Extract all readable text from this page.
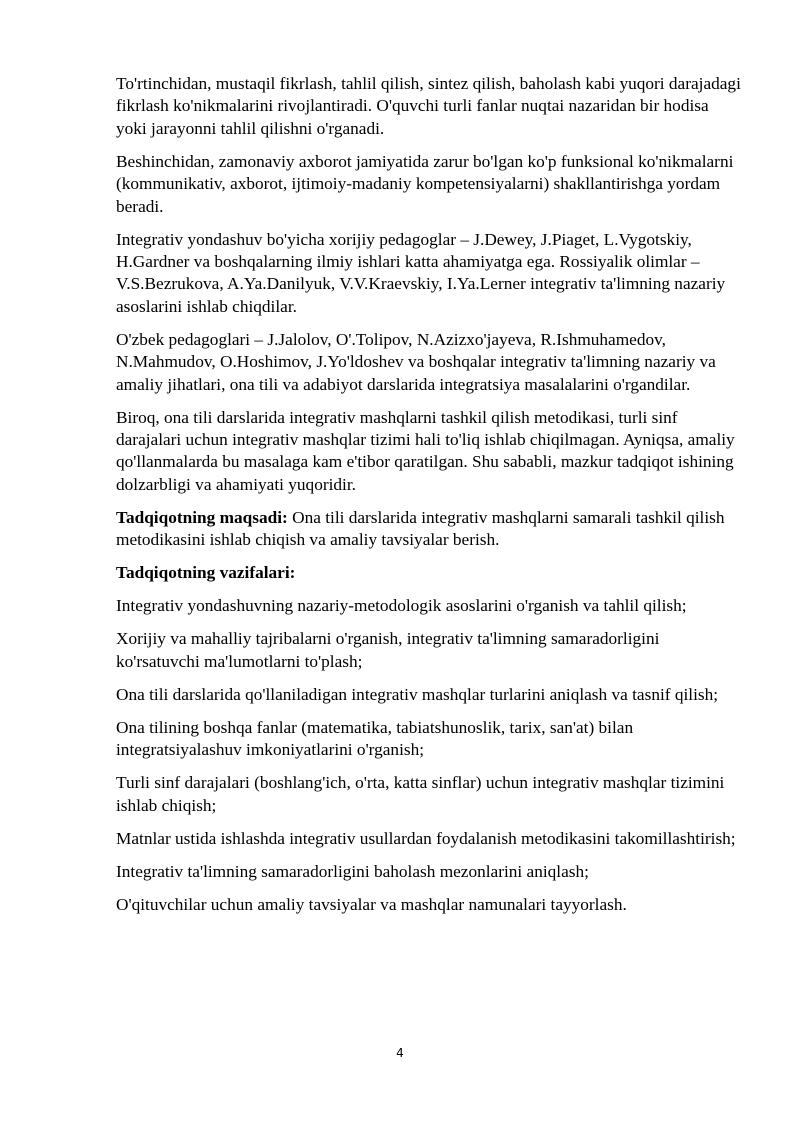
To'rtinchidan, mustaqil fikrlash, tahlil qilish, sintez qilish, baholash kabi yuqori darajadagi fikrlash ko'nikmalarini rivojlantiradi. O'quvchi turli fanlar nuqtai nazaridan bir hodisa yoki jarayonni tahlil qilishni o'rganadi.

Beshinchidan, zamonaviy axborot jamiyatida zarur bo'lgan ko'p funksional ko'nikmalarni (kommunikativ, axborot, ijtimoiy-madaniy kompetensiyalarni) shakllantirishga yordam beradi.

Integrativ yondashuv bo'yicha xorijiy pedagoglar – J.Dewey, J.Piaget, L.Vygotskiy, H.Gardner va boshqalarning ilmiy ishlari katta ahamiyatga ega. Rossiyalik olimlar – V.S.Bezrukova, A.Ya.Danilyuk, V.V.Kraevskiy, I.Ya.Lerner integrativ ta'limning nazariy asoslarini ishlab chiqdilar.

O'zbek pedagoglari – J.Jalolov, O'.Tolipov, N.Azizxo'jayeva, R.Ishmuhamedov, N.Mahmudov, O.Hoshimov, J.Yo'ldoshev va boshqalar integrativ ta'limning nazariy va amaliy jihatlari, ona tili va adabiyot darslarida integratsiya masalalarini o'rgandilar.

Biroq, ona tili darslarida integrativ mashqlarni tashkil qilish metodikasi, turli sinf darajalari uchun integrativ mashqlar tizimi hali to'liq ishlab chiqilmagan. Ayniqsa, amaliy qo'llanmalarda bu masalaga kam e'tibor qaratilgan. Shu sababli, mazkur tadqiqot ishining dolzarbligi va ahamiyati yuqoridir.

Tadqiqotning maqsadi: Ona tili darslarida integrativ mashqlarni samarali tashkil qilish metodikasini ishlab chiqish va amaliy tavsiyalar berish.

Tadqiqotning vazifalari:

Integrativ yondashuvning nazariy-metodologik asoslarini o'rganish va tahlil qilish;

Xorijiy va mahalliy tajribalarni o'rganish, integrativ ta'limning samaradorligini ko'rsatuvchi ma'lumotlarni to'plash;

Ona tili darslarida qo'llaniladigan integrativ mashqlar turlarini aniqlash va tasnif qilish;

Ona tilining boshqa fanlar (matematika, tabiatshunoslik, tarix, san'at) bilan integratsiyalashuv imkoniyatlarini o'rganish;

Turli sinf darajalari (boshlang'ich, o'rta, katta sinflar) uchun integrativ mashqlar tizimini ishlab chiqish;

Matnlar ustida ishlashda integrativ usullardan foydalanish metodikasini takomillashtirish;

Integrativ ta'limning samaradorligini baholash mezonlarini aniqlash;

O'qituvchilar uchun amaliy tavsiyalar va mashqlar namunalari tayyorlash.

4
